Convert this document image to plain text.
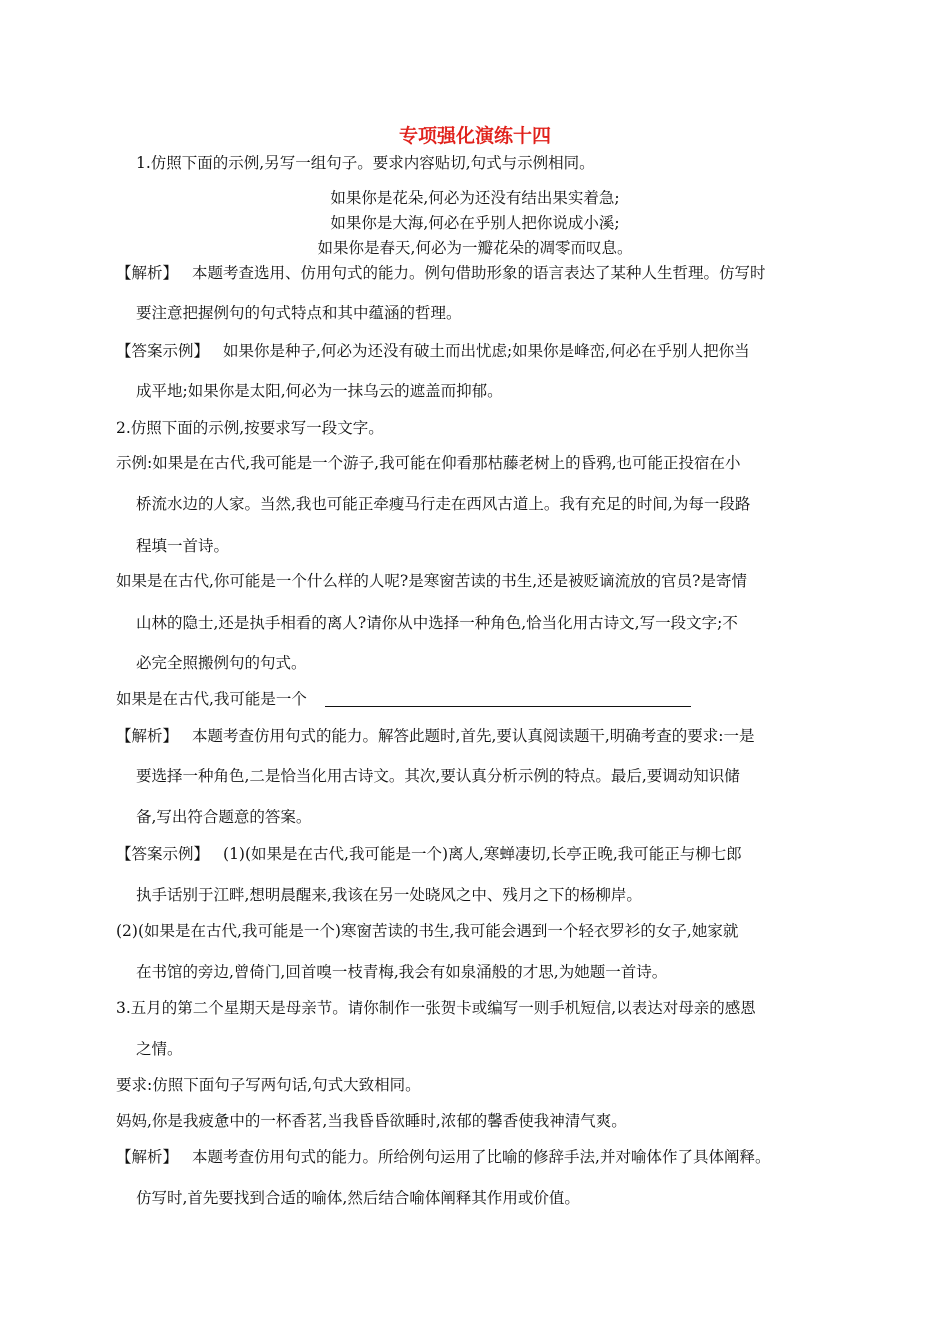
专项强化演练十四
1.仿照下面的示例,另写一组句子。要求内容贴切,句式与示例相同。
如果你是花朵,何必为还没有结出果实着急;
如果你是大海,何必在乎别人把你说成小溪;
如果你是春天,何必为一瓣花朵的凋零而叹息。
【解析】 本题考查选用、仿用句式的能力。例句借助形象的语言表达了某种人生哲理。仿写时
要注意把握例句的句式特点和其中蕴涵的哲理。
【答案示例】 如果你是种子,何必为还没有破土而出忧虑;如果你是峰峦,何必在乎别人把你当
成平地;如果你是太阳,何必为一抹乌云的遮盖而抑郁。
2.仿照下面的示例,按要求写一段文字。
示例:如果是在古代,我可能是一个游子,我可能在仰看那枯藤老树上的昏鸦,也可能正投宿在小
桥流水边的人家。当然,我也可能正牵瘦马行走在西风古道上。我有充足的时间,为每一段路
程填一首诗。
如果是在古代,你可能是一个什么样的人呢?是寒窗苦读的书生,还是被贬谪流放的官员?是寄情
山林的隐士,还是执手相看的离人?请你从中选择一种角色,恰当化用古诗文,写一段文字;不
必完全照搬例句的句式。
如果是在古代,我可能是一个
【解析】 本题考查仿用句式的能力。解答此题时,首先,要认真阅读题干,明确考查的要求:一是
要选择一种角色,二是恰当化用古诗文。其次,要认真分析示例的特点。最后,要调动知识储
备,写出符合题意的答案。
【答案示例】 (1)(如果是在古代,我可能是一个)离人,寒蝉凄切,长亭正晚,我可能正与柳七郎
执手话别于江畔,想明晨醒来,我该在另一处晓风之中、残月之下的杨柳岸。
(2)(如果是在古代,我可能是一个)寒窗苦读的书生,我可能会遇到一个轻衣罗衫的女子,她家就
在书馆的旁边,曾倚门,回首嗅一枝青梅,我会有如泉涌般的才思,为她题一首诗。
3.五月的第二个星期天是母亲节。请你制作一张贺卡或编写一则手机短信,以表达对母亲的感恩
之情。
要求:仿照下面句子写两句话,句式大致相同。
妈妈,你是我疲惫中的一杯香茗,当我昏昏欲睡时,浓郁的馨香使我神清气爽。
【解析】 本题考查仿用句式的能力。所给例句运用了比喻的修辞手法,并对喻体作了具体阐释。
仿写时,首先要找到合适的喻体,然后结合喻体阐释其作用或价值。
